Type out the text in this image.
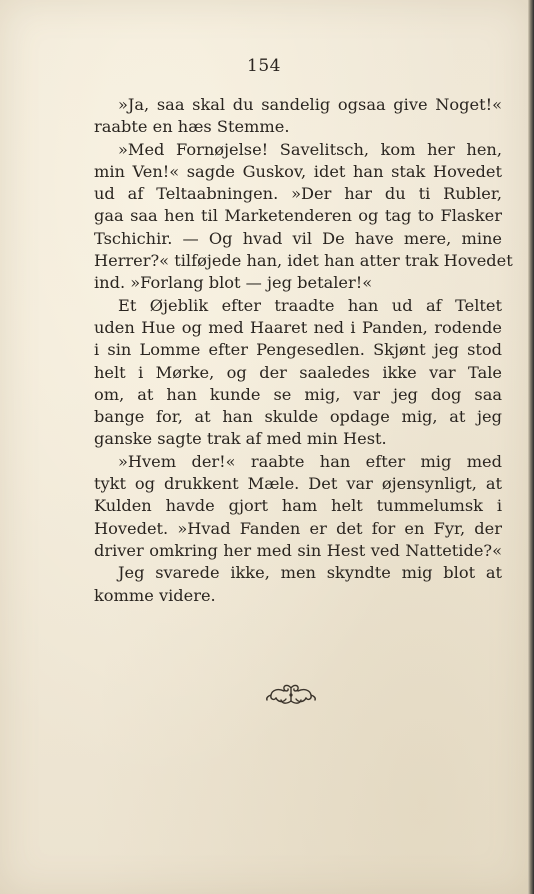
154
»Ja, saa skal du sandelig ogsaa give Noget!«
raabte en hæs Stemme.
»Med Fornøjelse! Savelitsch, kom her hen,
min Ven!« sagde Guskov, idet han stak Hovedet
ud af Teltaabningen. »Der har du ti Rubler,
gaa saa hen til Marketenderen og tag to Flasker
Tschichir. — Og hvad vil De have mere, mine
Herrer?« tilføjede han, idet han atter trak Hovedet
ind. »Forlang blot — jeg betaler!«
Et Øjeblik efter traadte han ud af Teltet
uden Hue og med Haaret ned i Panden, rodende
i sin Lomme efter Pengesedlen. Skjønt jeg stod
helt i Mørke, og der saaledes ikke var Tale
om, at han kunde se mig, var jeg dog saa
bange for, at han skulde opdage mig, at jeg
ganske sagte trak af med min Hest.
»Hvem der!« raabte han efter mig med
tykt og drukkent Mæle. Det var øjensynligt, at
Kulden havde gjort ham helt tummelumsk i
Hovedet. »Hvad Fanden er det for en Fyr, der
driver omkring her med sin Hest ved Nattetide?«
Jeg svarede ikke, men skyndte mig blot at
komme videre.
